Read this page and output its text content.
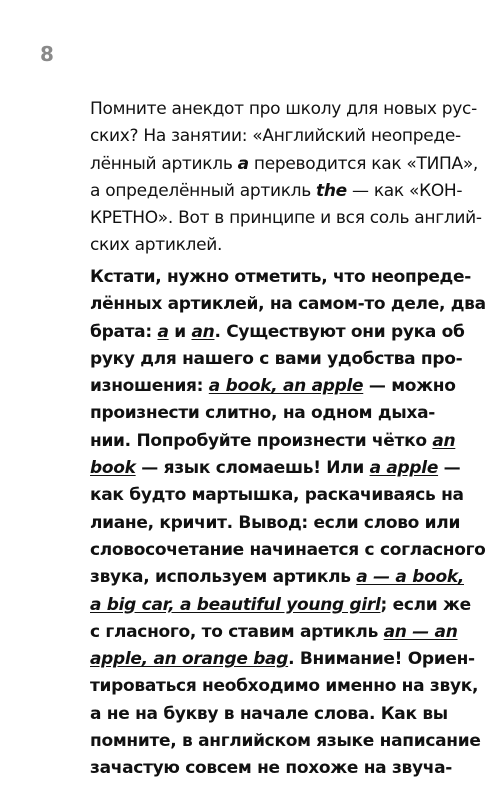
8

Помните анекдот про школу для новых рус-
ских? На занятии: «Английский неопреде-
лённый артикль a переводится как «ТИПА»,
а определённый артикль the — как «КОН-
КРЕТНО». Вот в принципе и вся соль англий-
ских артиклей.

Кстати, нужно отметить, что неопреде-
лённых артиклей, на самом-то деле, два
брата: a и an. Существуют они рука об
руку для нашего с вами удобства про-
изношения: a book, an apple — можно
произнести слитно, на одном дыха-
нии. Попробуйте произнести чётко an
book — язык сломаешь! Или a apple —
как будто мартышка, раскачиваясь на
лиане, кричит. Вывод: если слово или
словосочетание начинается с согласного
звука, используем артикль a — a book,
a big car, a beautiful young girl; если же
с гласного, то ставим артикль an — an
apple, an orange bag. Внимание! Ориен-
тироваться необходимо именно на звук,
а не на букву в начале слова. Как вы
помните, в английском языке написание
зачастую совсем не похоже на звуча-
